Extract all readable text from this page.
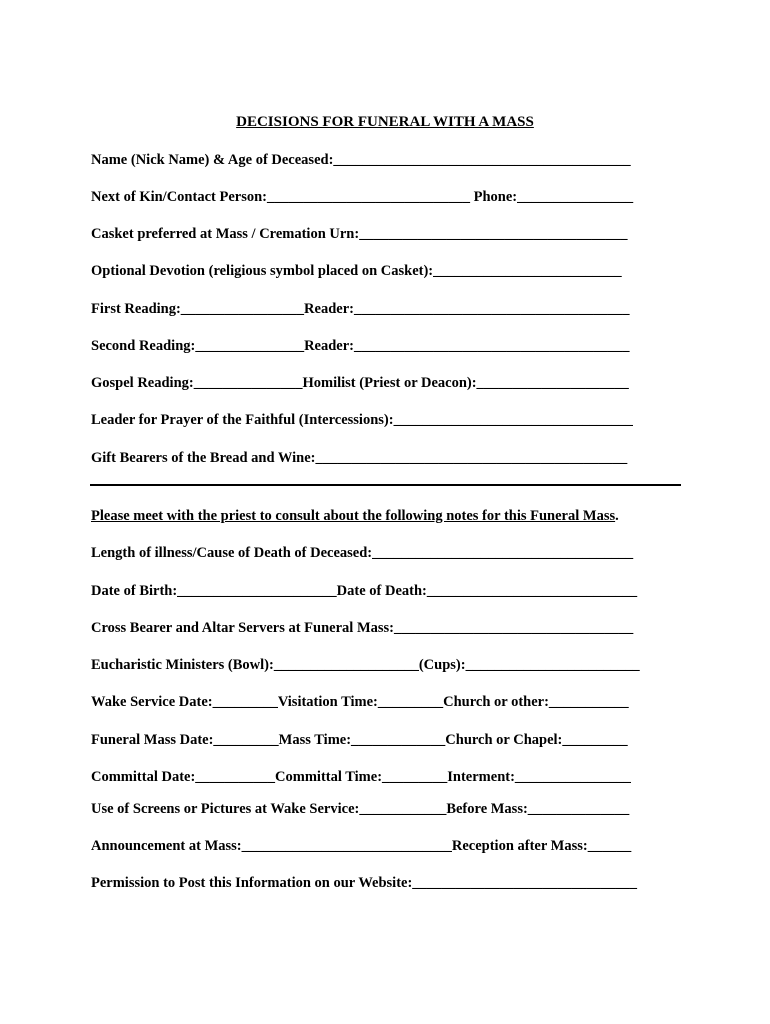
DECISIONS FOR FUNERAL WITH A MASS
Name (Nick Name) & Age of Deceased:_________________________________________
Next of Kin/Contact Person:____________________________ Phone:________________
Casket preferred at Mass / Cremation Urn:_____________________________________
Optional Devotion (religious symbol placed on Casket):__________________________
First Reading:_________________Reader:______________________________________
Second Reading:_______________Reader:______________________________________
Gospel Reading:_______________Homilist (Priest or Deacon):_____________________
Leader for Prayer of the Faithful (Intercessions):_________________________________
Gift Bearers of the Bread and Wine:___________________________________________
Please meet with the priest to consult about the following notes for this Funeral Mass.
Length of illness/Cause of Death of Deceased:____________________________________
Date of Birth:______________________Date of Death:_____________________________
Cross Bearer and Altar Servers at Funeral Mass:_________________________________
Eucharistic Ministers (Bowl):____________________(Cups):________________________
Wake Service Date:_________Visitation Time:_________Church or other:___________
Funeral Mass Date:_________Mass Time:_____________Church or Chapel:_________
Committal Date:___________Committal Time:_________Interment:________________
Use of Screens or Pictures at Wake Service:____________Before Mass:______________
Announcement at Mass:_____________________________Reception after Mass:______
Permission to Post this Information on our Website:_______________________________
